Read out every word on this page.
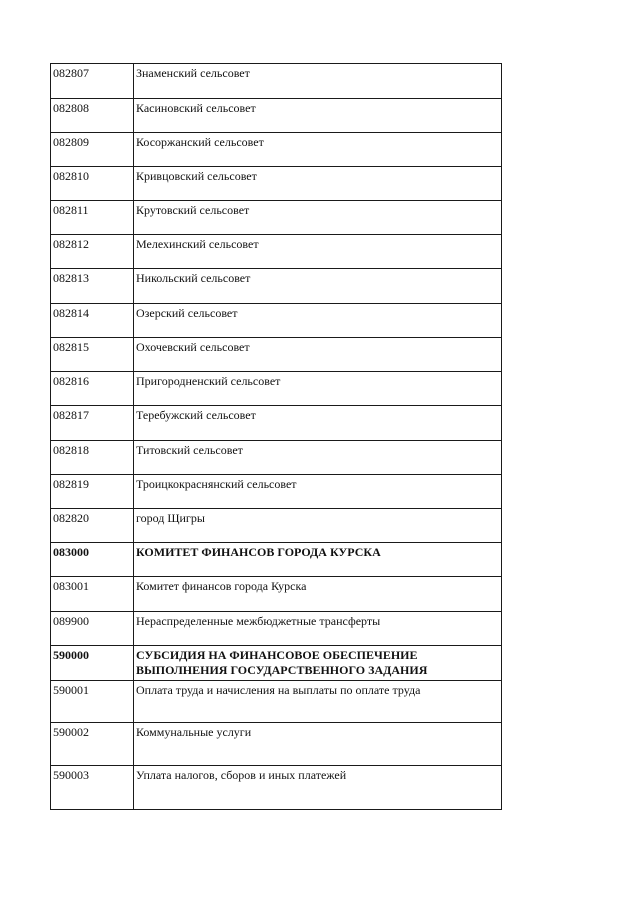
082807	Знаменский сельсовет
082808	Касиновский сельсовет
082809	Косоржанский сельсовет
082810	Кривцовский сельсовет
082811	Крутовский сельсовет
082812	Мелехинский сельсовет
082813	Никольский сельсовет
082814	Озерский сельсовет
082815	Охочевский сельсовет
082816	Пригородненский сельсовет
082817	Теребужский сельсовет
082818	Титовский сельсовет
082819	Троицкокраснянский сельсовет
082820	город Щигры
083000	КОМИТЕТ ФИНАНСОВ ГОРОДА КУРСКА
083001	Комитет финансов города Курска
089900	Нераспределенные межбюджетные трансферты
590000	СУБСИДИЯ НА ФИНАНСОВОЕ ОБЕСПЕЧЕНИЕ ВЫПОЛНЕНИЯ ГОСУДАРСТВЕННОГО ЗАДАНИЯ
590001	Оплата труда и начисления на выплаты по оплате труда
590002	Коммунальные услуги
590003	Уплата налогов, сборов и иных платежей
